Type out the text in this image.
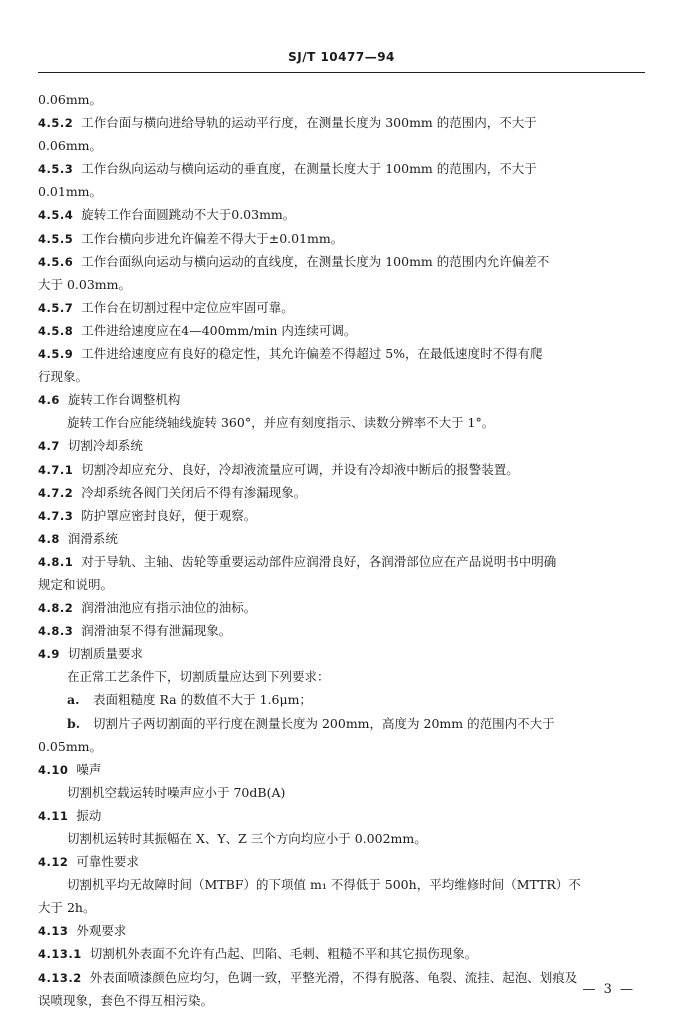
SJ/T 10477—94
0.06mm。
4.5.2 工作台面与横向进给导轨的运动平行度，在测量长度为 300mm 的范围内，不大于
0.06mm。
4.5.3 工作台纵向运动与横向运动的垂直度，在测量长度大于 100mm 的范围内，不大于
0.01mm。
4.5.4 旋转工作台面圆跳动不大于0.03mm。
4.5.5 工作台横向步进允许偏差不得大于±0.01mm。
4.5.6 工作台面纵向运动与横向运动的直线度，在测量长度为 100mm 的范围内允许偏差不
大于 0.03mm。
4.5.7 工作台在切割过程中定位应牢固可靠。
4.5.8 工件进给速度应在4—400mm/min 内连续可调。
4.5.9 工件进给速度应有良好的稳定性，其允许偏差不得超过 5%，在最低速度时不得有爬
行现象。
4.6 旋转工作台调整机构
旋转工作台应能绕轴线旋转 360°，并应有刻度指示、读数分辨率不大于 1°。
4.7 切割冷却系统
4.7.1 切割冷却应充分、良好，冷却液流量应可调，并设有冷却液中断后的报警装置。
4.7.2 冷却系统各阀门关闭后不得有渗漏现象。
4.7.3 防护罩应密封良好，便于观察。
4.8 润滑系统
4.8.1 对于导轨、主轴、齿轮等重要运动部件应润滑良好，各润滑部位应在产品说明书中明确
规定和说明。
4.8.2 润滑油池应有指示油位的油标。
4.8.3 润滑油泵不得有泄漏现象。
4.9 切割质量要求
在正常工艺条件下，切割质量应达到下列要求：
a. 表面粗糙度 Ra 的数值不大于 1.6μm；
b. 切割片子两切割面的平行度在测量长度为 200mm，高度为 20mm 的范围内不大于
0.05mm。
4.10 噪声
切割机空载运转时噪声应小于 70dB(A)
4.11 振动
切割机运转时其振幅在 X、Y、Z 三个方向均应小于 0.002mm。
4.12 可靠性要求
切割机平均无故障时间（MTBF）的下项值 m₁ 不得低于 500h，平均维修时间（MTTR）不
大于 2h。
4.13 外观要求
4.13.1 切割机外表面不允许有凸起、凹陷、毛刺、粗糙不平和其它损伤现象。
4.13.2 外表面喷漆颜色应均匀，色调一致，平整光滑，不得有脱落、龟裂、流挂、起泡、划痕及
误喷现象，套色不得互相污染。
— 3 —
